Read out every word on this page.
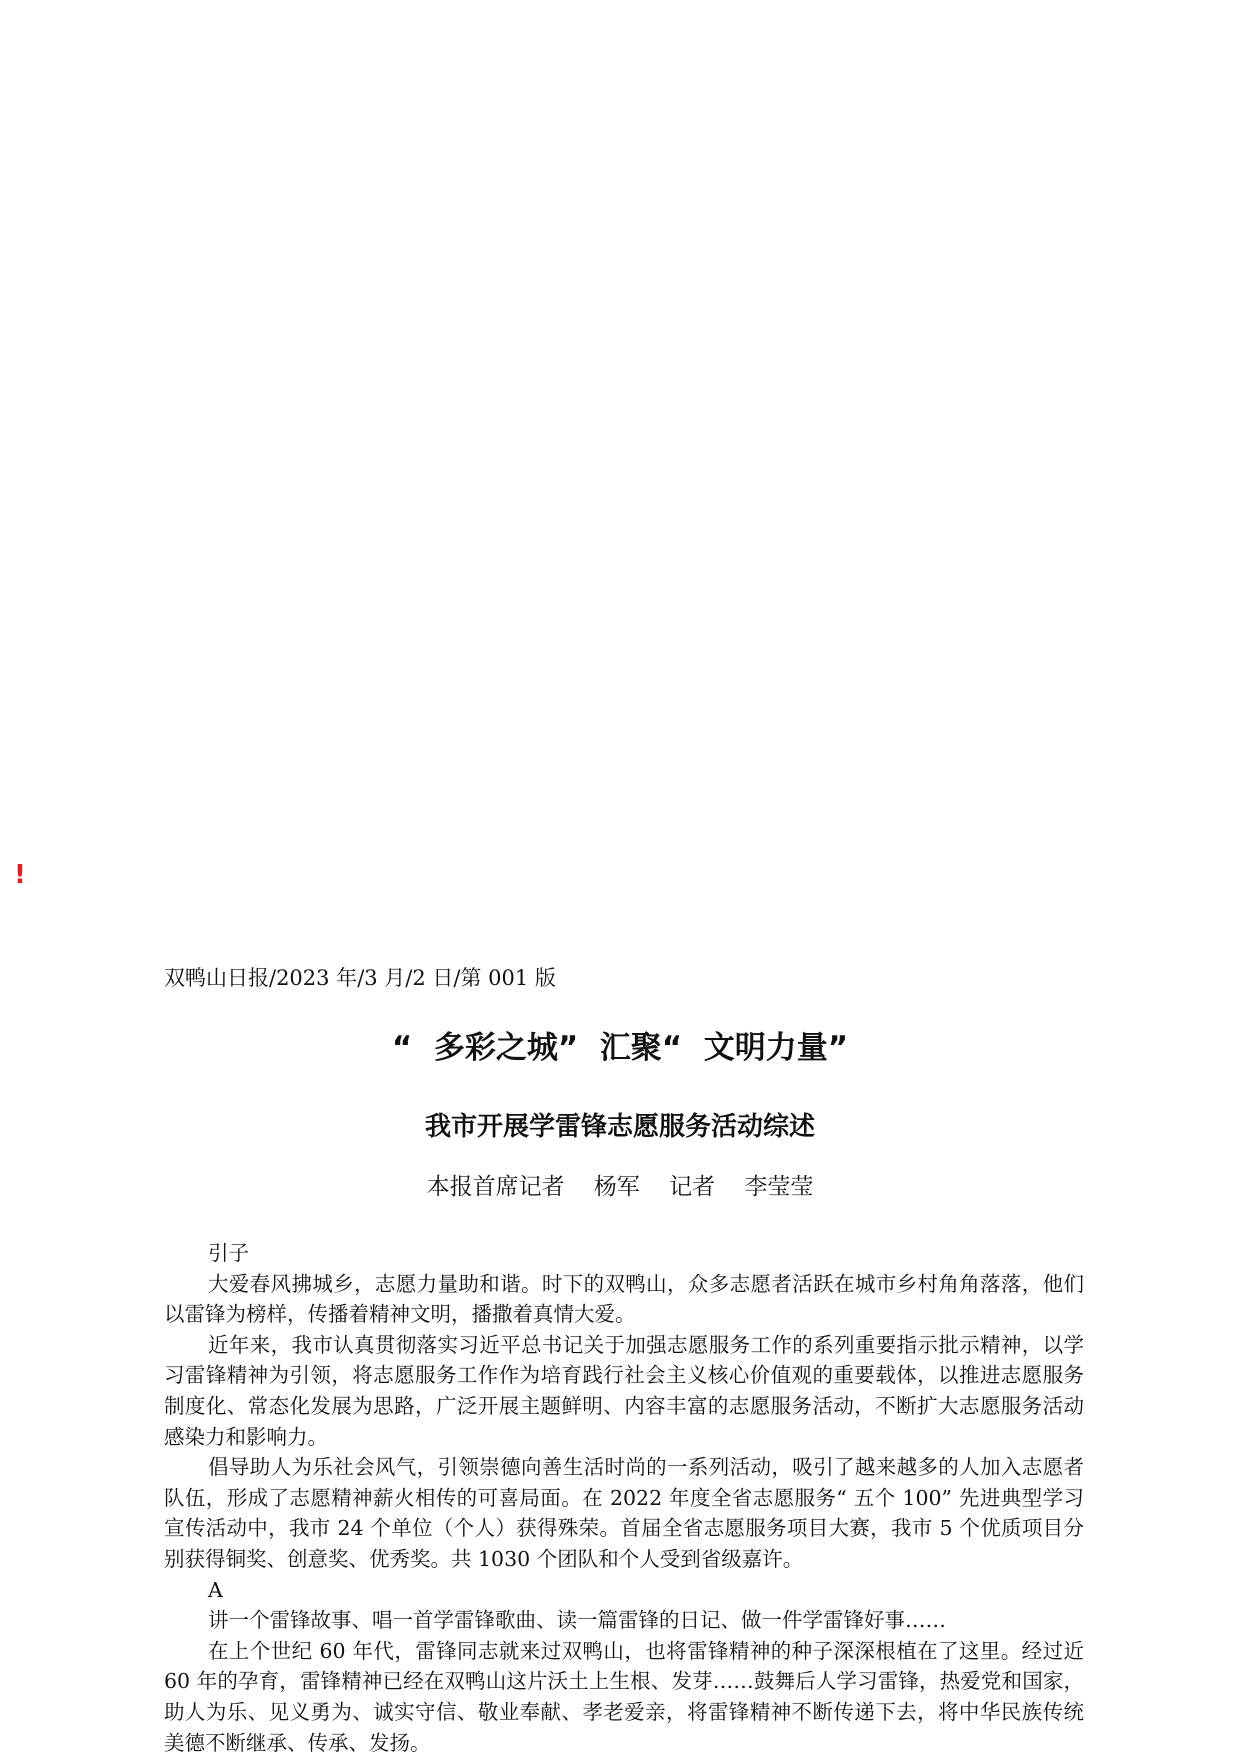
!
双鸭山日报/2023 年/3 月/2 日/第 001 版
“  多彩之城”  汇聚“  文明力量”
我市开展学雷锋志愿服务活动综述
本报首席记者    杨军    记者    李莹莹

引子

大爱春风拂城乡，志愿力量助和谐。时下的双鸭山，众多志愿者活跃在城市乡村角角落落，他们以雷锋为榜样，传播着精神文明，播撒着真情大爱。

近年来，我市认真贯彻落实习近平总书记关于加强志愿服务工作的系列重要指示批示精神，以学习雷锋精神为引领，将志愿服务工作作为培育践行社会主义核心价值观的重要载体，以推进志愿服务制度化、常态化发展为思路，广泛开展主题鲜明、内容丰富的志愿服务活动，不断扩大志愿服务活动感染力和影响力。

倡导助人为乐社会风气，引领崇德向善生活时尚的一系列活动，吸引了越来越多的人加入志愿者队伍，形成了志愿精神薪火相传的可喜局面。在 2022 年度全省志愿服务“ 五个 100” 先进典型学习宣传活动中，我市 24 个单位（个人）获得殊荣。首届全省志愿服务项目大赛，我市 5 个优质项目分别获得铜奖、创意奖、优秀奖。共 1030 个团队和个人受到省级嘉许。

A

讲一个雷锋故事、唱一首学雷锋歌曲、读一篇雷锋的日记、做一件学雷锋好事……

在上个世纪 60 年代，雷锋同志就来过双鸭山，也将雷锋精神的种子深深根植在了这里。经过近 60 年的孕育，雷锋精神已经在双鸭山这片沃土上生根、发芽……鼓舞后人学习雷锋，热爱党和国家，助人为乐、见义勇为、诚实守信、敬业奉献、孝老爱亲，将雷锋精神不断传递下去，将中华民族传统美德不断继承、传承、发扬。
